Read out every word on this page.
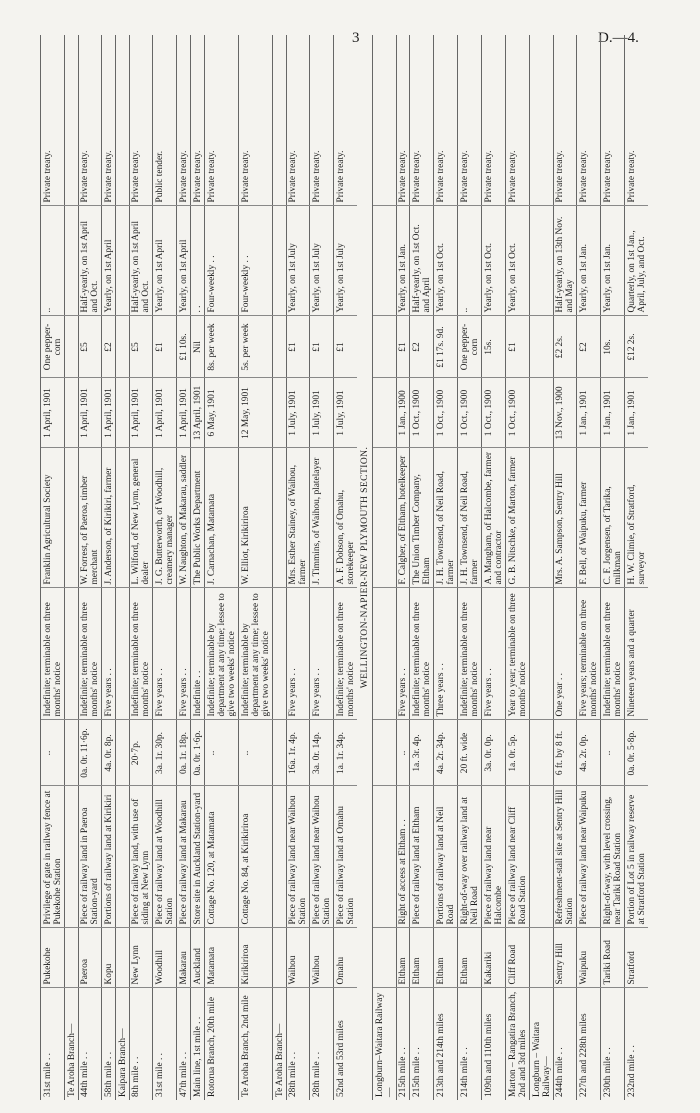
3	D.—4.
31st mile . .	Pukekohe	Privilege of gate in railway fence at Pukekohe Station	..	Indefinite; terminable on three months' notice	Franklin Agricultural Society	1 April, 1901	One pepper-corn	..	Private treaty.
Te Aroha Branch—									
44th mile . .	Paeroa	Piece of railway land in Paeroa Station-yard	0a. 0r. 11·6p.	Indefinite; terminable on three months' notice	W. Forrest, of Paeroa, timber merchant	1 April, 1901	£5	Half-yearly, on 1st April and Oct.	Private treaty.
58th mile . .	Kopu	Portions of railway land at Kirikiri	4a. 0r. 8p.	Five years . .	J. Anderson, of Kirikiri, farmer	1 April, 1901	£2	Yearly, on 1st April	Private treaty.
Kaipara Branch—									
8th mile . .	New Lynn	Piece of railway land, with use of siding at New Lynn	20·7p.	Indefinite; terminable on three months' notice	L. Wilford, of New Lynn, general dealer	1 April, 1901	£5	Half-yearly, on 1st April and Oct.	Private treaty.
31st mile . .	Woodhill	Piece of railway land at Woodhill Station	3a. 1r. 30p.	Five years . .	J. G. Butterworth, of Woodhill, creamery manager	1 April, 1901	£1	Yearly, on 1st April	Public tender.
47th mile . .	Makarau	Piece of railway land at Makarau	0a. 1r. 18p.	Five years . .	W. Naughton, of Makarau, saddler	1 April, 1901	£1 10s.	Yearly, on 1st April	Private treaty.
Main line, 1st mile . .	Auckland	Store site in Auckland Station-yard	0a. 0r. 1·6p.	Indefinite . .	The Public Works Department	13 April, 1901	Nil	. .	Private treaty.
Rotorua Branch, 20th mile	Matamata	Cottage No. 120, at Matamata	..	Indefinite; terminable by department at any time; lessee to give two weeks' notice	J. Carnachan, Matamata	6 May, 1901	8s. per week	Four-weekly . .	Private treaty.
Te Aroha Branch, 2nd mile	Kirikiriroa	Cottage No. 84, at Kirikiriroa	..	Indefinite; terminable by department at any time; lessee to give two weeks' notice	W. Elliot, Kirikiriroa	12 May, 1901	5s. per week	Four-weekly . .	Private treaty.
Te Aroha Branch—									
28th mile . .	Waihou	Piece of railway land near Waihou Station	16a. 1r. 4p.	Five years . .	Mrs. Esther Stainey, of Waihou, farmer	1 July, 1901	£1	Yearly, on 1st July	Private treaty.
28th mile . .	Waihou	Piece of railway land near Waihou Station	3a. 0r. 14p.	Five years . .	J. Timmins, of Waihou, platelayer	1 July, 1901	£1	Yearly, on 1st July	Private treaty.
52nd and 53rd miles	Omahu	Piece of railway land at Omahu Station	1a. 1r. 34p.	Indefinite; terminable on three months' notice	A. F. Dobson, of Omahu, storekeeper	1 July, 1901	£1	Yearly, on 1st July	Private treaty.
WELLINGTON-NAPIER-NEW PLYMOUTH SECTION.									
Longburn–Waitara Railway—									
215th mile . .	Eltham	Right of access at Eltham . .	..	Five years . .	F. Calgher, of Eltham, hotelkeeper	1 Jan., 1900	£1	Yearly, on 1st Jan.	Private treaty.
215th mile . .	Eltham	Piece of railway land at Eltham	1a. 3r. 4p.	Indefinite; terminable on three months' notice	The Union Timber Company, Eltham	1 Oct., 1900	£2	Half-yearly, on 1st Oct. and April	Private treaty.
213th and 214th miles	Eltham	Portions of railway land at Neil Road	4a. 2r. 34p.	Three years . .	J. H. Townsend, of Neil Road, farmer	1 Oct., 1900	£1 17s. 9d.	Yearly, on 1st Oct.	Private treaty.
214th mile . .	Eltham	Right-of-way over railway land at Neil Road	20 ft. wide	Indefinite; terminable on three months' notice	J. H. Townsend, of Neil Road, farmer	1 Oct., 1900	One pepper-corn	..	Private treaty.
109th and 110th miles	Kakariki	Piece of railway land near Halcombe	3a. 0r. 0p.	Five years . .	A. Mangham, of Halcombe, farmer and contractor	1 Oct., 1900	15s.	Yearly, on 1st Oct.	Private treaty.
Marton – Rangatira Branch, 2nd and 3rd miles	Cliff Road	Piece of railway land near Cliff Road Station	1a. 0r. 5p.	Year to year; terminable on three months' notice	G. B. Nitschke, of Marton, farmer	1 Oct., 1900	£1	Yearly, on 1st Oct.	Private treaty.
Longburn – Waitara Railway—									
244th mile . .	Sentry Hill	Refreshment-stall site at Sentry Hill Station	6 ft. by 8 ft.	One year . .	Mrs. A. Sampson, Sentry Hill	13 Nov., 1900	£2 2s.	Half-yearly, on 13th Nov. and May	Private treaty.
227th and 228th miles	Waipuku	Piece of railway land near Waipuku	4a. 2r. 0p.	Five years; terminable on three months' notice	F. Bell, of Waipuku, farmer	1 Jan., 1901	£2	Yearly, on 1st Jan.	Private treaty.
230th mile . .	Tariki Road	Right-of-way, with level crossing, near Tariki Road Station	..	Indefinite; terminable on three months' notice	C. F. Jorgensen, of Tarika, milkman	1 Jan., 1901	10s.	Yearly, on 1st Jan.	Private treaty.
232nd mile . .	Stratford	Portion of Lot 5 in railway reserve at Stratford Station	0a. 0r. 5·8p.	Nineteen years and a quarter	H. W. Climie, of Stratford, surveyor	1 Jan., 1901	£12 2s.	Quarterly, on 1st Jan., April, July, and Oct.	Private treaty.
